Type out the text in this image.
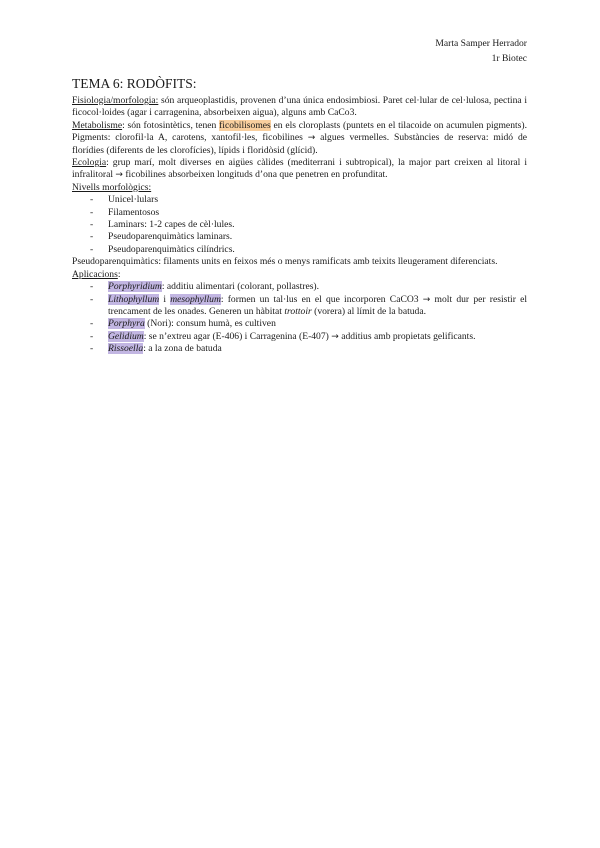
Marta Samper Herrador
1r Biotec
TEMA 6: RODÒFITS:

Fisiologia/morfologia: són arqueoplastidis, provenen d’una única endosimbiosi. Paret cel·lular de cel·lulosa, pectina i ficocol·loides (agar i carragenina, absorbeixen aigua), alguns amb CaCo3.

Metabolisme: són fotosintètics, tenen ficobilisomes en els cloroplasts (puntets en el tilacoide on acumulen pigments). Pigments: clorofil·la A, carotens, xantofil·les, ficobilines → algues vermelles. Substàncies de reserva: midó de florídies (diferents de les clorofícies), lípids i floridòsid (glícid).

Ecologia: grup marí, molt diverses en aigües càlides (mediterrani i subtropical), la major part creixen al litoral i infralitoral → ficobilines absorbeixen longituds d’ona que penetren en profunditat.

Nivells morfològics:

- Unicel·lulars
- Filamentosos
- Laminars: 1-2 capes de cèl·lules.
- Pseudoparenquimàtics laminars.
- Pseudoparenquimàtics cilíndrics.

Pseudoparenquimàtics: filaments units en feixos més o menys ramificats amb teixits lleugerament diferenciats.

Aplicacions:

- Porphyridium: additiu alimentari (colorant, pollastres).
- Lithophyllum i mesophyllum: formen un tal·lus en el que incorporen CaCO3 → molt dur per resistir el trencament de les onades. Generen un hàbitat trottoir (vorera) al límit de la batuda.
- Porphyra (Nori): consum humà, es cultiven
- Gelidium: se n’extreu agar (E-406) i Carragenina (E-407) → additius amb propietats gelificants.
- Rissoella: a la zona de batuda
